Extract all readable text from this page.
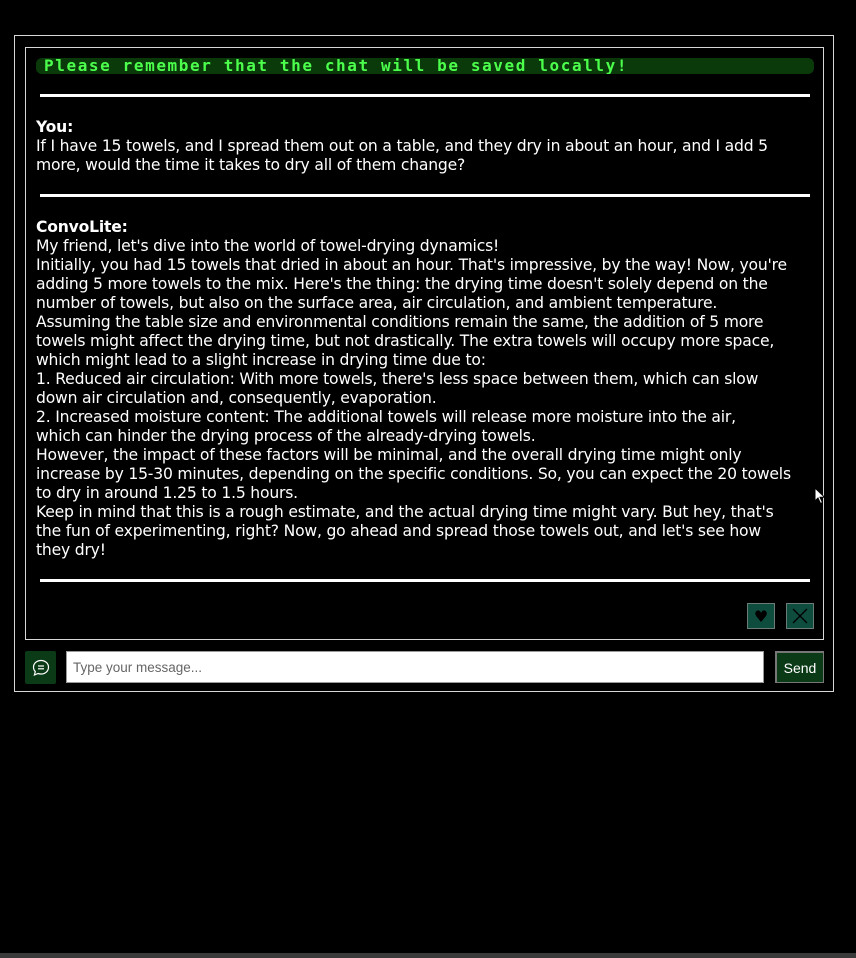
Please remember that the chat will be saved locally!
You:
If I have 15 towels, and I spread them out on a table, and they dry in about an hour, and I add 5
more, would the time it takes to dry all of them change?
ConvoLite:
My friend, let's dive into the world of towel-drying dynamics!
Initially, you had 15 towels that dried in about an hour. That's impressive, by the way! Now, you're
adding 5 more towels to the mix. Here's the thing: the drying time doesn't solely depend on the
number of towels, but also on the surface area, air circulation, and ambient temperature.
Assuming the table size and environmental conditions remain the same, the addition of 5 more
towels might affect the drying time, but not drastically. The extra towels will occupy more space,
which might lead to a slight increase in drying time due to:
1. Reduced air circulation: With more towels, there's less space between them, which can slow
down air circulation and, consequently, evaporation.
2. Increased moisture content: The additional towels will release more moisture into the air,
which can hinder the drying process of the already-drying towels.
However, the impact of these factors will be minimal, and the overall drying time might only
increase by 15-30 minutes, depending on the specific conditions. So, you can expect the 20 towels
to dry in around 1.25 to 1.5 hours.
Keep in mind that this is a rough estimate, and the actual drying time might vary. But hey, that's
the fun of experimenting, right? Now, go ahead and spread those towels out, and let's see how
they dry!
♥
Type your message...
Send
